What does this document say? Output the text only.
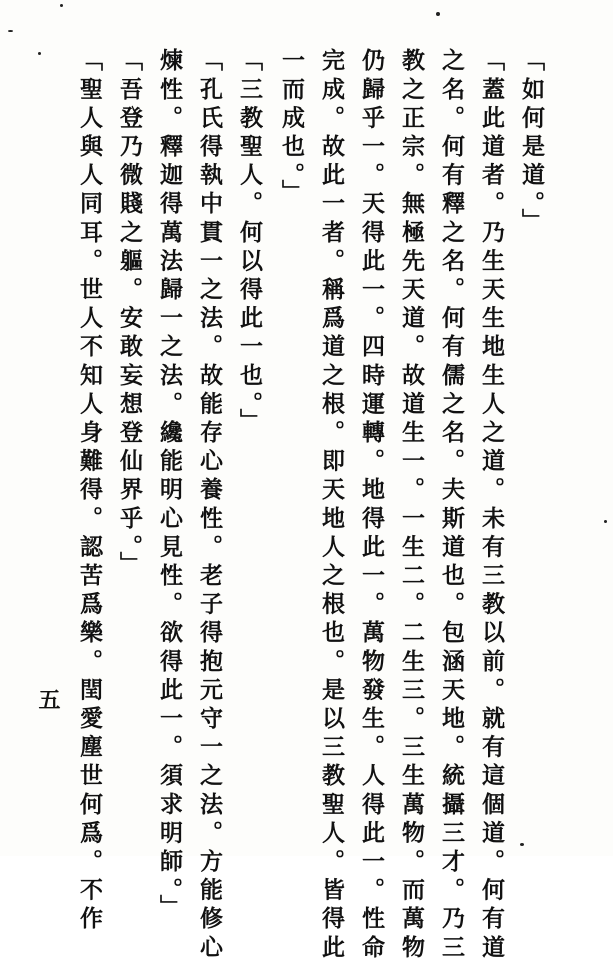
「如何是道。」
「蓋此道者。乃生天生地生人之道。未有三教以前。就有這個道。何有道
之名。何有釋之名。何有儒之名。夫斯道也。包涵天地。統攝三才。乃三
教之正宗。無極先天道。故道生一。一生二。二生三。三生萬物。而萬物
仍歸乎一。天得此一。四時運轉。地得此一。萬物發生。人得此一。性命
完成。故此一者。稱爲道之根。即天地人之根也。是以三教聖人。皆得此
一而成也。」
「三教聖人。何以得此一也。」
「孔氏得執中貫一之法。故能存心養性。老子得抱元守一之法。方能修心
煉性。釋迦得萬法歸一之法。纔能明心見性。欲得此一。須求明師。」
「吾登乃微賤之軀。安敢妄想登仙界乎。」
「聖人與人同耳。世人不知人身難得。認苦爲樂。閏愛塵世何爲。不作
五
